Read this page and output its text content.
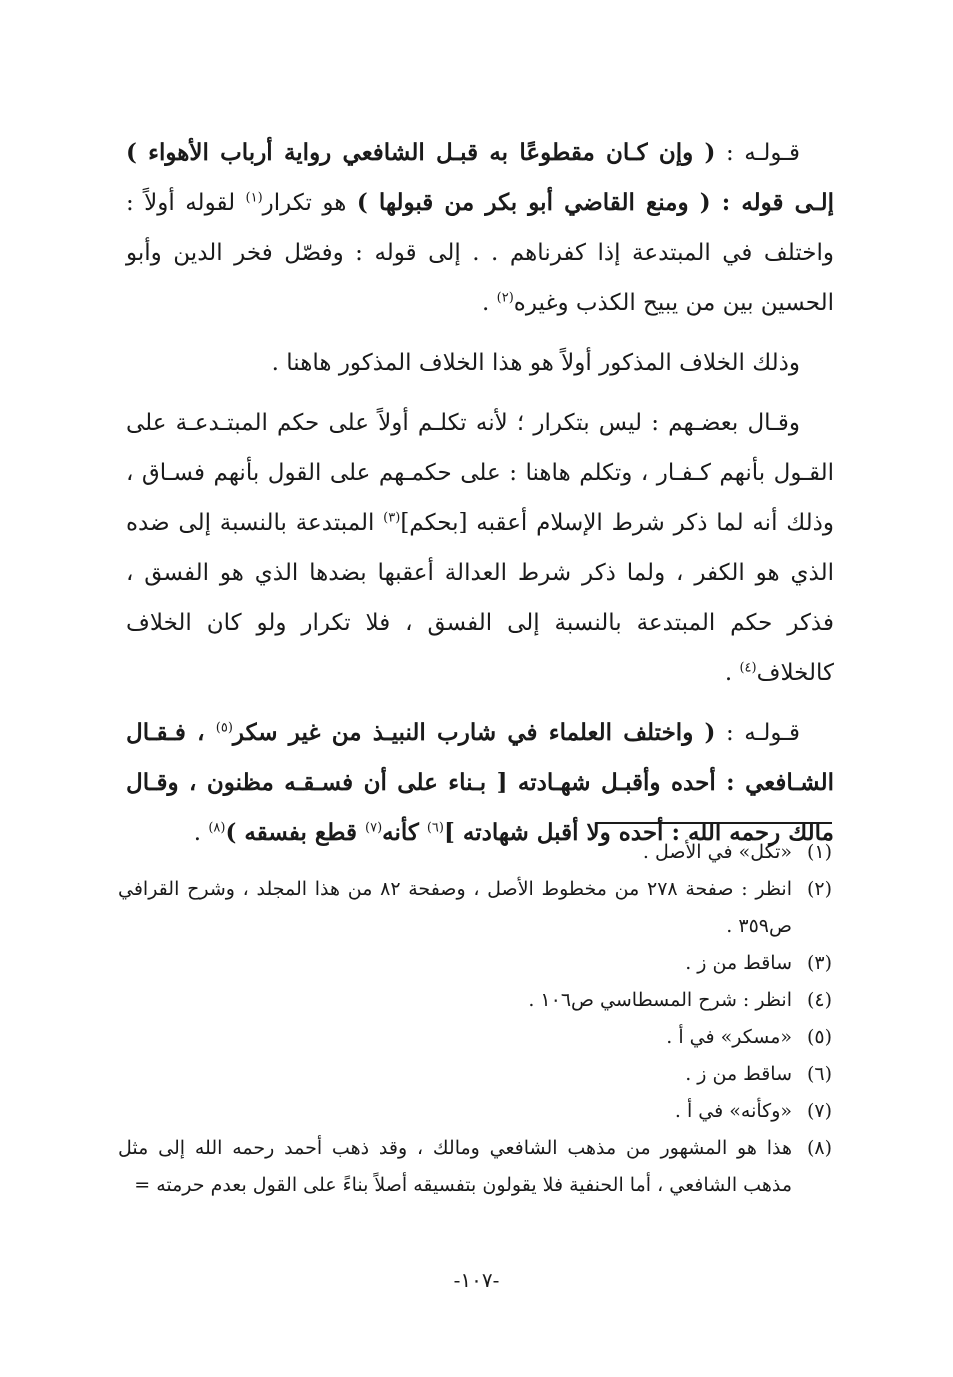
قـولـه : ( وإن كـان مقطوعًا به قبـل الشافعي رواية أرباب الأهواء ) إلـى قوله : ( ومنع القاضي أبو بكر من قبولها ) هو تكرار$^{(١)}$ لقوله أولاً : واختلف في المبتدعة إذا كفرناهم . . إلى قوله : وفصّل فخر الدين وأبو الحسين بين من يبيح الكذب وغيره$^{(٢)}$ .

وذلك الخلاف المذكور أولاً هو هذا الخلاف المذكور هاهنا .

وقـال بعضـهم : ليس بتكرار ؛ لأنه تكلـم أولاً على حكم المبتـدعـة على القـول بأنهم كـفـار ، وتكلم هاهنا : على حكمـهم على القول بأنهم فسـاق ، وذلك أنه لما ذكر شرط الإسلام أعقبه [بحكم]$^{(٣)}$ المبتدعة بالنسبة إلى ضده الذي هو الكفر ، ولما ذكر شرط العدالة أعقبها بضدها الذي هو الفسق ، فذكر حكم المبتدعة بالنسبة إلى الفسق ، فلا تكرار ولو كان الخلاف كالخلاف$^{(٤)}$ .

قـولـه : ( واختلف العلماء في شارب النبيـذ من غير سكر$^{(٥)}$ ، فـقـال الشـافعي : أحده وأقبـل شهـادته [ بـناء على أن فسـقـه مظنون ، وقـال مالك رحمه الله : أحده ولا أقبل شهادته ]$^{(٦)}$ كأنه$^{(٧)}$ قطع بفسقه )$^{(٨)}$ .

(١)
«تكل» في الأصل .
(٢)
انظر : صفحة ٢٧٨ من مخطوط الأصل ، وصفحة ٨٢ من هذا المجلد ، وشرح القرافي ص٣٥٩ .
(٣)
ساقط من ز .
(٤)
انظر : شرح المسطاسي ص١٠٦ .
(٥)
«مسكر» في أ .
(٦)
ساقط من ز .
(٧)
«وكأنه» في أ .
(٨)
هذا هو المشهور من مذهب الشافعي ومالك ، وقد ذهب أحمد رحمه الله إلى مثل مذهب الشافعي ، أما الحنفية فلا يقولون بتفسيقه أصلاً بناءً على القول بعدم حرمته =
-١٠٧-
